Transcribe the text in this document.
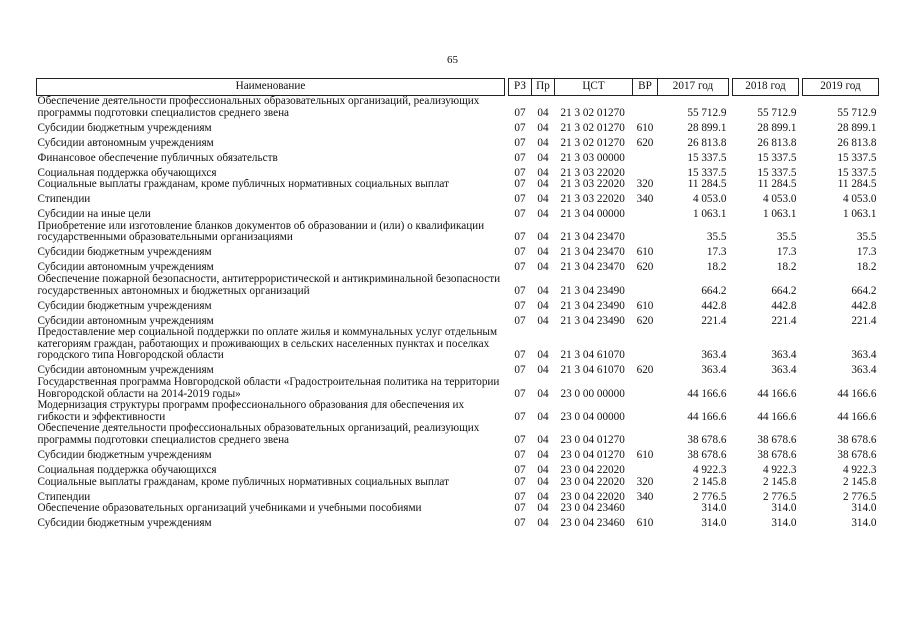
65
Наименование		РЗ	Пр	ЦСТ	ВР	2017 год		2018 год		2019 год
Обеспечение деятельности профессиональных образовательных организаций, реализующих программы подготовки специалистов среднего звена		07	04	21 3 02 01270		55 712.9		55 712.9		55 712.9
Субсидии бюджетным учреждениям		07	04	21 3 02 01270	610	28 899.1		28 899.1		28 899.1
Субсидии автономным учреждениям		07	04	21 3 02 01270	620	26 813.8		26 813.8		26 813.8
Финансовое обеспечение публичных обязательств		07	04	21 3 03 00000		15 337.5		15 337.5		15 337.5
Социальная поддержка обучающихся		07	04	21 3 03 22020		15 337.5		15 337.5		15 337.5
Социальные выплаты гражданам, кроме публичных нормативных социальных выплат		07	04	21 3 03 22020	320	11 284.5		11 284.5		11 284.5
Стипендии		07	04	21 3 03 22020	340	4 053.0		4 053.0		4 053.0
Субсидии на иные цели		07	04	21 3 04 00000		1 063.1		1 063.1		1 063.1
Приобретение или изготовление бланков документов об образовании и (или) о квалификации государственными образовательными организациями		07	04	21 3 04 23470		35.5		35.5		35.5
Субсидии бюджетным учреждениям		07	04	21 3 04 23470	610	17.3		17.3		17.3
Субсидии автономным учреждениям		07	04	21 3 04 23470	620	18.2		18.2		18.2
Обеспечение пожарной безопасности, антитеррористической и антикриминальной безопасности государственных автономных и бюджетных организаций		07	04	21 3 04 23490		664.2		664.2		664.2
Субсидии бюджетным учреждениям		07	04	21 3 04 23490	610	442.8		442.8		442.8
Субсидии автономным учреждениям		07	04	21 3 04 23490	620	221.4		221.4		221.4
Предоставление мер социальной поддержки по оплате жилья и коммунальных услуг отдельным категориям граждан, работающих и проживающих в сельских населенных пунктах и поселках городского типа Новгородской области		07	04	21 3 04 61070		363.4		363.4		363.4
Субсидии автономным учреждениям		07	04	21 3 04 61070	620	363.4		363.4		363.4
Государственная программа Новгородской области «Градостроительная политика на территории Новгородской области на 2014-2019 годы»		07	04	23 0 00 00000		44 166.6		44 166.6		44 166.6
Модернизация структуры программ профессионального образования для обеспечения их гибкости и эффективности		07	04	23 0 04 00000		44 166.6		44 166.6		44 166.6
Обеспечение деятельности профессиональных образовательных организаций, реализующих программы подготовки специалистов среднего звена		07	04	23 0 04 01270		38 678.6		38 678.6		38 678.6
Субсидии бюджетным учреждениям		07	04	23 0 04 01270	610	38 678.6		38 678.6		38 678.6
Социальная поддержка обучающихся		07	04	23 0 04 22020		4 922.3		4 922.3		4 922.3
Социальные выплаты гражданам, кроме публичных нормативных социальных выплат		07	04	23 0 04 22020	320	2 145.8		2 145.8		2 145.8
Стипендии		07	04	23 0 04 22020	340	2 776.5		2 776.5		2 776.5
Обеспечение образовательных организаций учебниками и учебными пособиями		07	04	23 0 04 23460		314.0		314.0		314.0
Субсидии бюджетным учреждениям		07	04	23 0 04 23460	610	314.0		314.0		314.0
